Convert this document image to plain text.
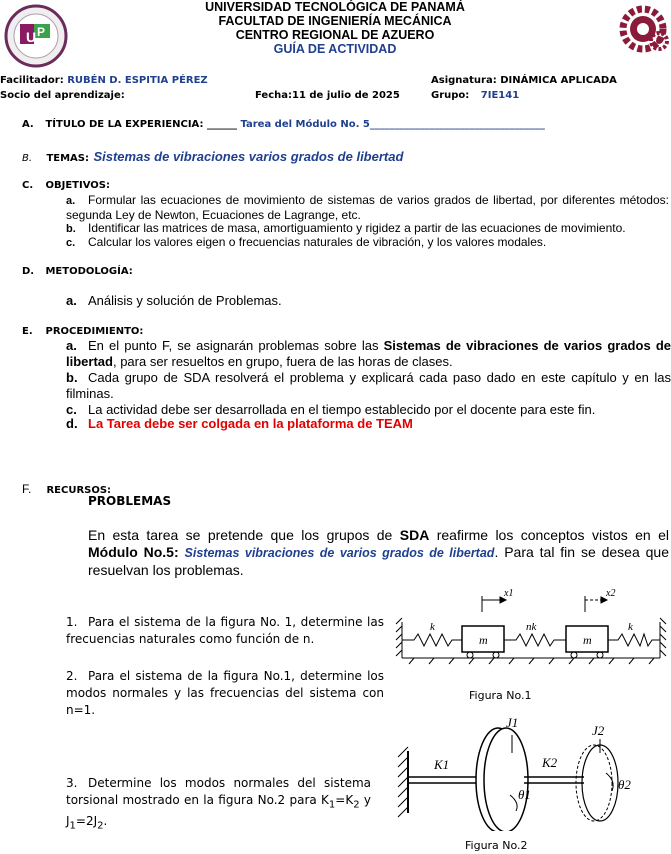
U P
UNIVERSIDAD TECNOLÓGICA DE PANAMÁ
FACULTAD DE INGENIERÍA MECÁNICA
CENTRO REGIONAL DE AZUERO
GUÍA DE ACTIVIDAD
Facilitador: RUBÉN D. ESPITIA PÉREZ	Asignatura: DINÁMICA APLICADA
Socio del aprendizaje:	Fecha:11 de julio de 2025	Grupo: 7IE141
A. TÍTULO DE LA EXPERIENCIA: ______ Tarea del Módulo No. 5___________________________________
B. TEMAS: Sistemas de vibraciones varios grados de libertad
C. OBJETIVOS:
a. Formular las ecuaciones de movimiento de sistemas de varios grados de libertad, por diferentes métodos: segunda Ley de Newton, Ecuaciones de Lagrange, etc.
b. Identificar las matrices de masa, amortiguamiento y rigidez a partir de las ecuaciones de movimiento.
c. Calcular los valores eigen o frecuencias naturales de vibración, y los valores modales.
D. METODOLOGÍA:
a. Análisis y solución de Problemas.
E. PROCEDIMIENTO:
a. En el punto F, se asignarán problemas sobre las Sistemas de vibraciones de varios grados de libertad, para ser resueltos en grupo, fuera de las horas de clases.
b. Cada grupo de SDA resolverá el problema y explicará cada paso dado en este capítulo y en las filminas.
c. La actividad debe ser desarrollada en el tiempo establecido por el docente para este fin.
d. La Tarea debe ser colgada en la plataforma de TEAM
F. RECURSOS:
PROBLEMAS
En esta tarea se pretende que los grupos de SDA reafirme los conceptos vistos en el Módulo No.5: Sistemas vibraciones de varios grados de libertad. Para tal fin se desea que resuelvan los problemas.
1. Para el sistema de la figura No. 1, determine las frecuencias naturales como función de n.
2. Para el sistema de la figura No.1, determine los modos normales y las frecuencias del sistema con n=1.
3. Determine los modos normales del sistema torsional mostrado en la figura No.2 para $K_1=K_2$ y $J_1=2J_2$.
x1	x2
k
m
nk
m
k
Figura No.1
J1
J2
K1	K2
θ1
θ2
Figura No.2
